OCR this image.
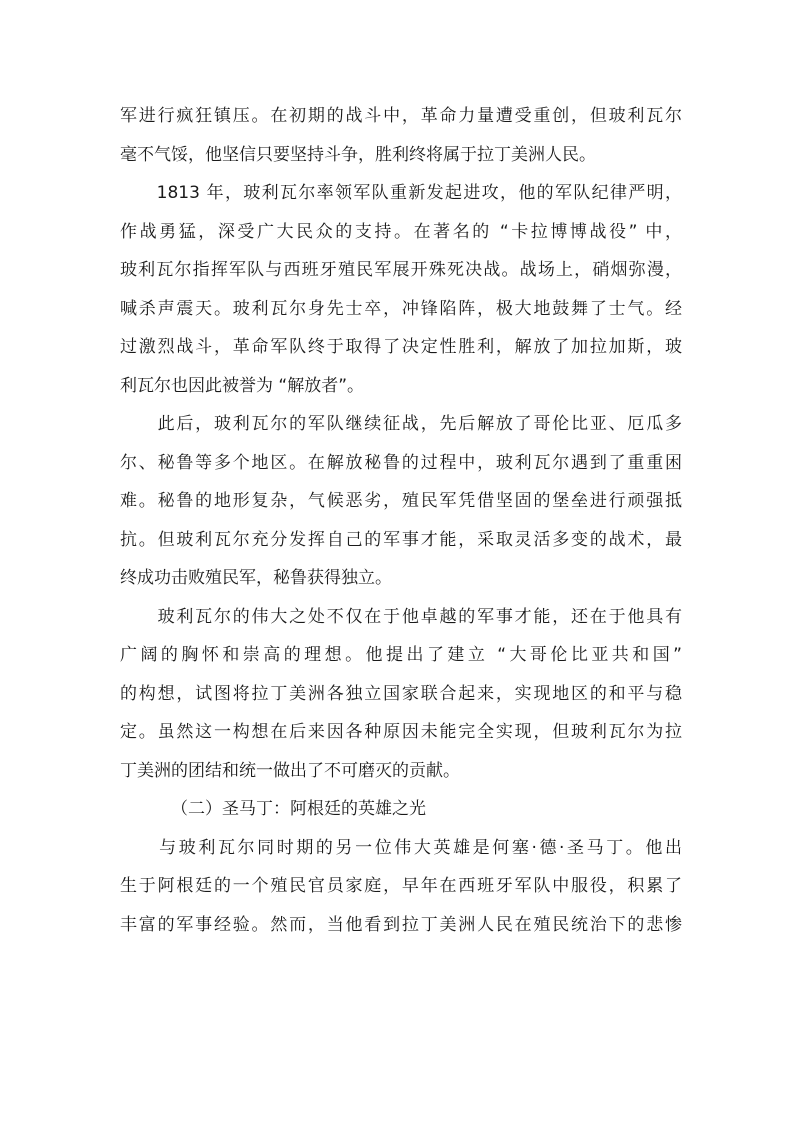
军进行疯狂镇压。在初期的战斗中，革命力量遭受重创，但玻利瓦尔
毫不气馁，他坚信只要坚持斗争，胜利终将属于拉丁美洲人民。
　　1813 年，玻利瓦尔率领军队重新发起进攻，他的军队纪律严明，
作战勇猛，深受广大民众的支持。在著名的 “卡拉博博战役” 中，
玻利瓦尔指挥军队与西班牙殖民军展开殊死决战。战场上，硝烟弥漫，
喊杀声震天。玻利瓦尔身先士卒，冲锋陷阵，极大地鼓舞了士气。经
过激烈战斗，革命军队终于取得了决定性胜利，解放了加拉加斯，玻
利瓦尔也因此被誉为 “解放者”。
　　此后，玻利瓦尔的军队继续征战，先后解放了哥伦比亚、厄瓜多
尔、秘鲁等多个地区。在解放秘鲁的过程中，玻利瓦尔遇到了重重困
难。秘鲁的地形复杂，气候恶劣，殖民军凭借坚固的堡垒进行顽强抵
抗。但玻利瓦尔充分发挥自己的军事才能，采取灵活多变的战术，最
终成功击败殖民军，秘鲁获得独立。
　　玻利瓦尔的伟大之处不仅在于他卓越的军事才能，还在于他具有
广阔的胸怀和崇高的理想。他提出了建立 “大哥伦比亚共和国”
的构想，试图将拉丁美洲各独立国家联合起来，实现地区的和平与稳
定。虽然这一构想在后来因各种原因未能完全实现，但玻利瓦尔为拉
丁美洲的团结和统一做出了不可磨灭的贡献。
（二）圣马丁：阿根廷的英雄之光
　　与玻利瓦尔同时期的另一位伟大英雄是何塞·德·圣马丁。他出
生于阿根廷的一个殖民官员家庭，早年在西班牙军队中服役，积累了
丰富的军事经验。然而，当他看到拉丁美洲人民在殖民统治下的悲惨
